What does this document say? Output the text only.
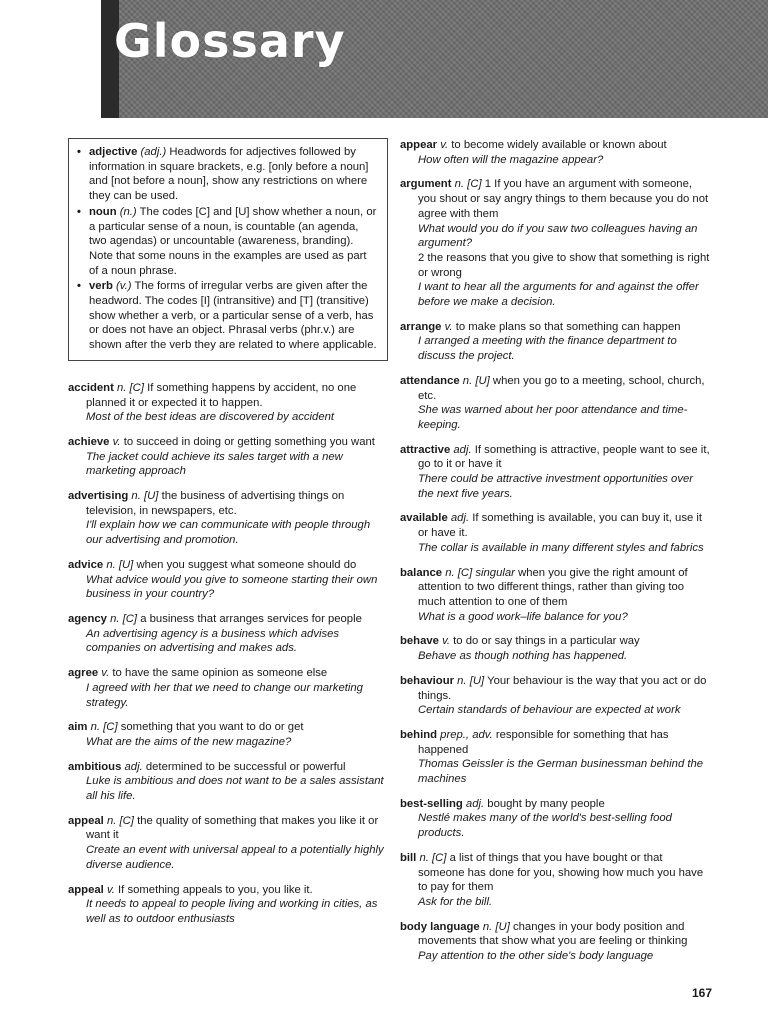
Glossary
• adjective (adj.) Headwords for adjectives followed by information in square brackets, e.g. [only before a noun] and [not before a noun], show any restrictions on where they can be used.
• noun (n.) The codes [C] and [U] show whether a noun, or a particular sense of a noun, is countable (an agenda, two agendas) or uncountable (awareness, branding). Note that some nouns in the examples are used as part of a noun phrase.
• verb (v.) The forms of irregular verbs are given after the headword. The codes [I] (intransitive) and [T] (transitive) show whether a verb, or a particular sense of a verb, has or does not have an object. Phrasal verbs (phr.v.) are shown after the verb they are related to where applicable.
accident n. [C] If something happens by accident, no one planned it or expected it to happen.
Most of the best ideas are discovered by accident
achieve v. to succeed in doing or getting something you want
The jacket could achieve its sales target with a new marketing approach
advertising n. [U] the business of advertising things on television, in newspapers, etc.
I'll explain how we can communicate with people through our advertising and promotion.
advice n. [U] when you suggest what someone should do
What advice would you give to someone starting their own business in your country?
agency n. [C] a business that arranges services for people
An advertising agency is a business which advises companies on advertising and makes ads.
agree v. to have the same opinion as someone else
I agreed with her that we need to change our marketing strategy.
aim n. [C] something that you want to do or get
What are the aims of the new magazine?
ambitious adj. determined to be successful or powerful
Luke is ambitious and does not want to be a sales assistant all his life.
appeal n. [C] the quality of something that makes you like it or want it
Create an event with universal appeal to a potentially highly diverse audience.
appeal v. If something appeals to you, you like it.
It needs to appeal to people living and working in cities, as well as to outdoor enthusiasts
appear v. to become widely available or known about
How often will the magazine appear?
argument n. [C] 1 If you have an argument with someone, you shout or say angry things to them because you do not agree with them
What would you do if you saw two colleagues having an argument?
2 the reasons that you give to show that something is right or wrong
I want to hear all the arguments for and against the offer before we make a decision.
arrange v. to make plans so that something can happen
I arranged a meeting with the finance department to discuss the project.
attendance n. [U] when you go to a meeting, school, church, etc.
She was warned about her poor attendance and time-keeping.
attractive adj. If something is attractive, people want to see it, go to it or have it
There could be attractive investment opportunities over the next five years.
available adj. If something is available, you can buy it, use it or have it.
The collar is available in many different styles and fabrics
balance n. [C] singular when you give the right amount of attention to two different things, rather than giving too much attention to one of them
What is a good work–life balance for you?
behave v. to do or say things in a particular way
Behave as though nothing has happened.
behaviour n. [U] Your behaviour is the way that you act or do things.
Certain standards of behaviour are expected at work
behind prep., adv. responsible for something that has happened
Thomas Geissler is the German businessman behind the machines
best-selling adj. bought by many people
Nestlé makes many of the world's best-selling food products.
bill n. [C] a list of things that you have bought or that someone has done for you, showing how much you have to pay for them
Ask for the bill.
body language n. [U] changes in your body position and movements that show what you are feeling or thinking
Pay attention to the other side's body language
167
